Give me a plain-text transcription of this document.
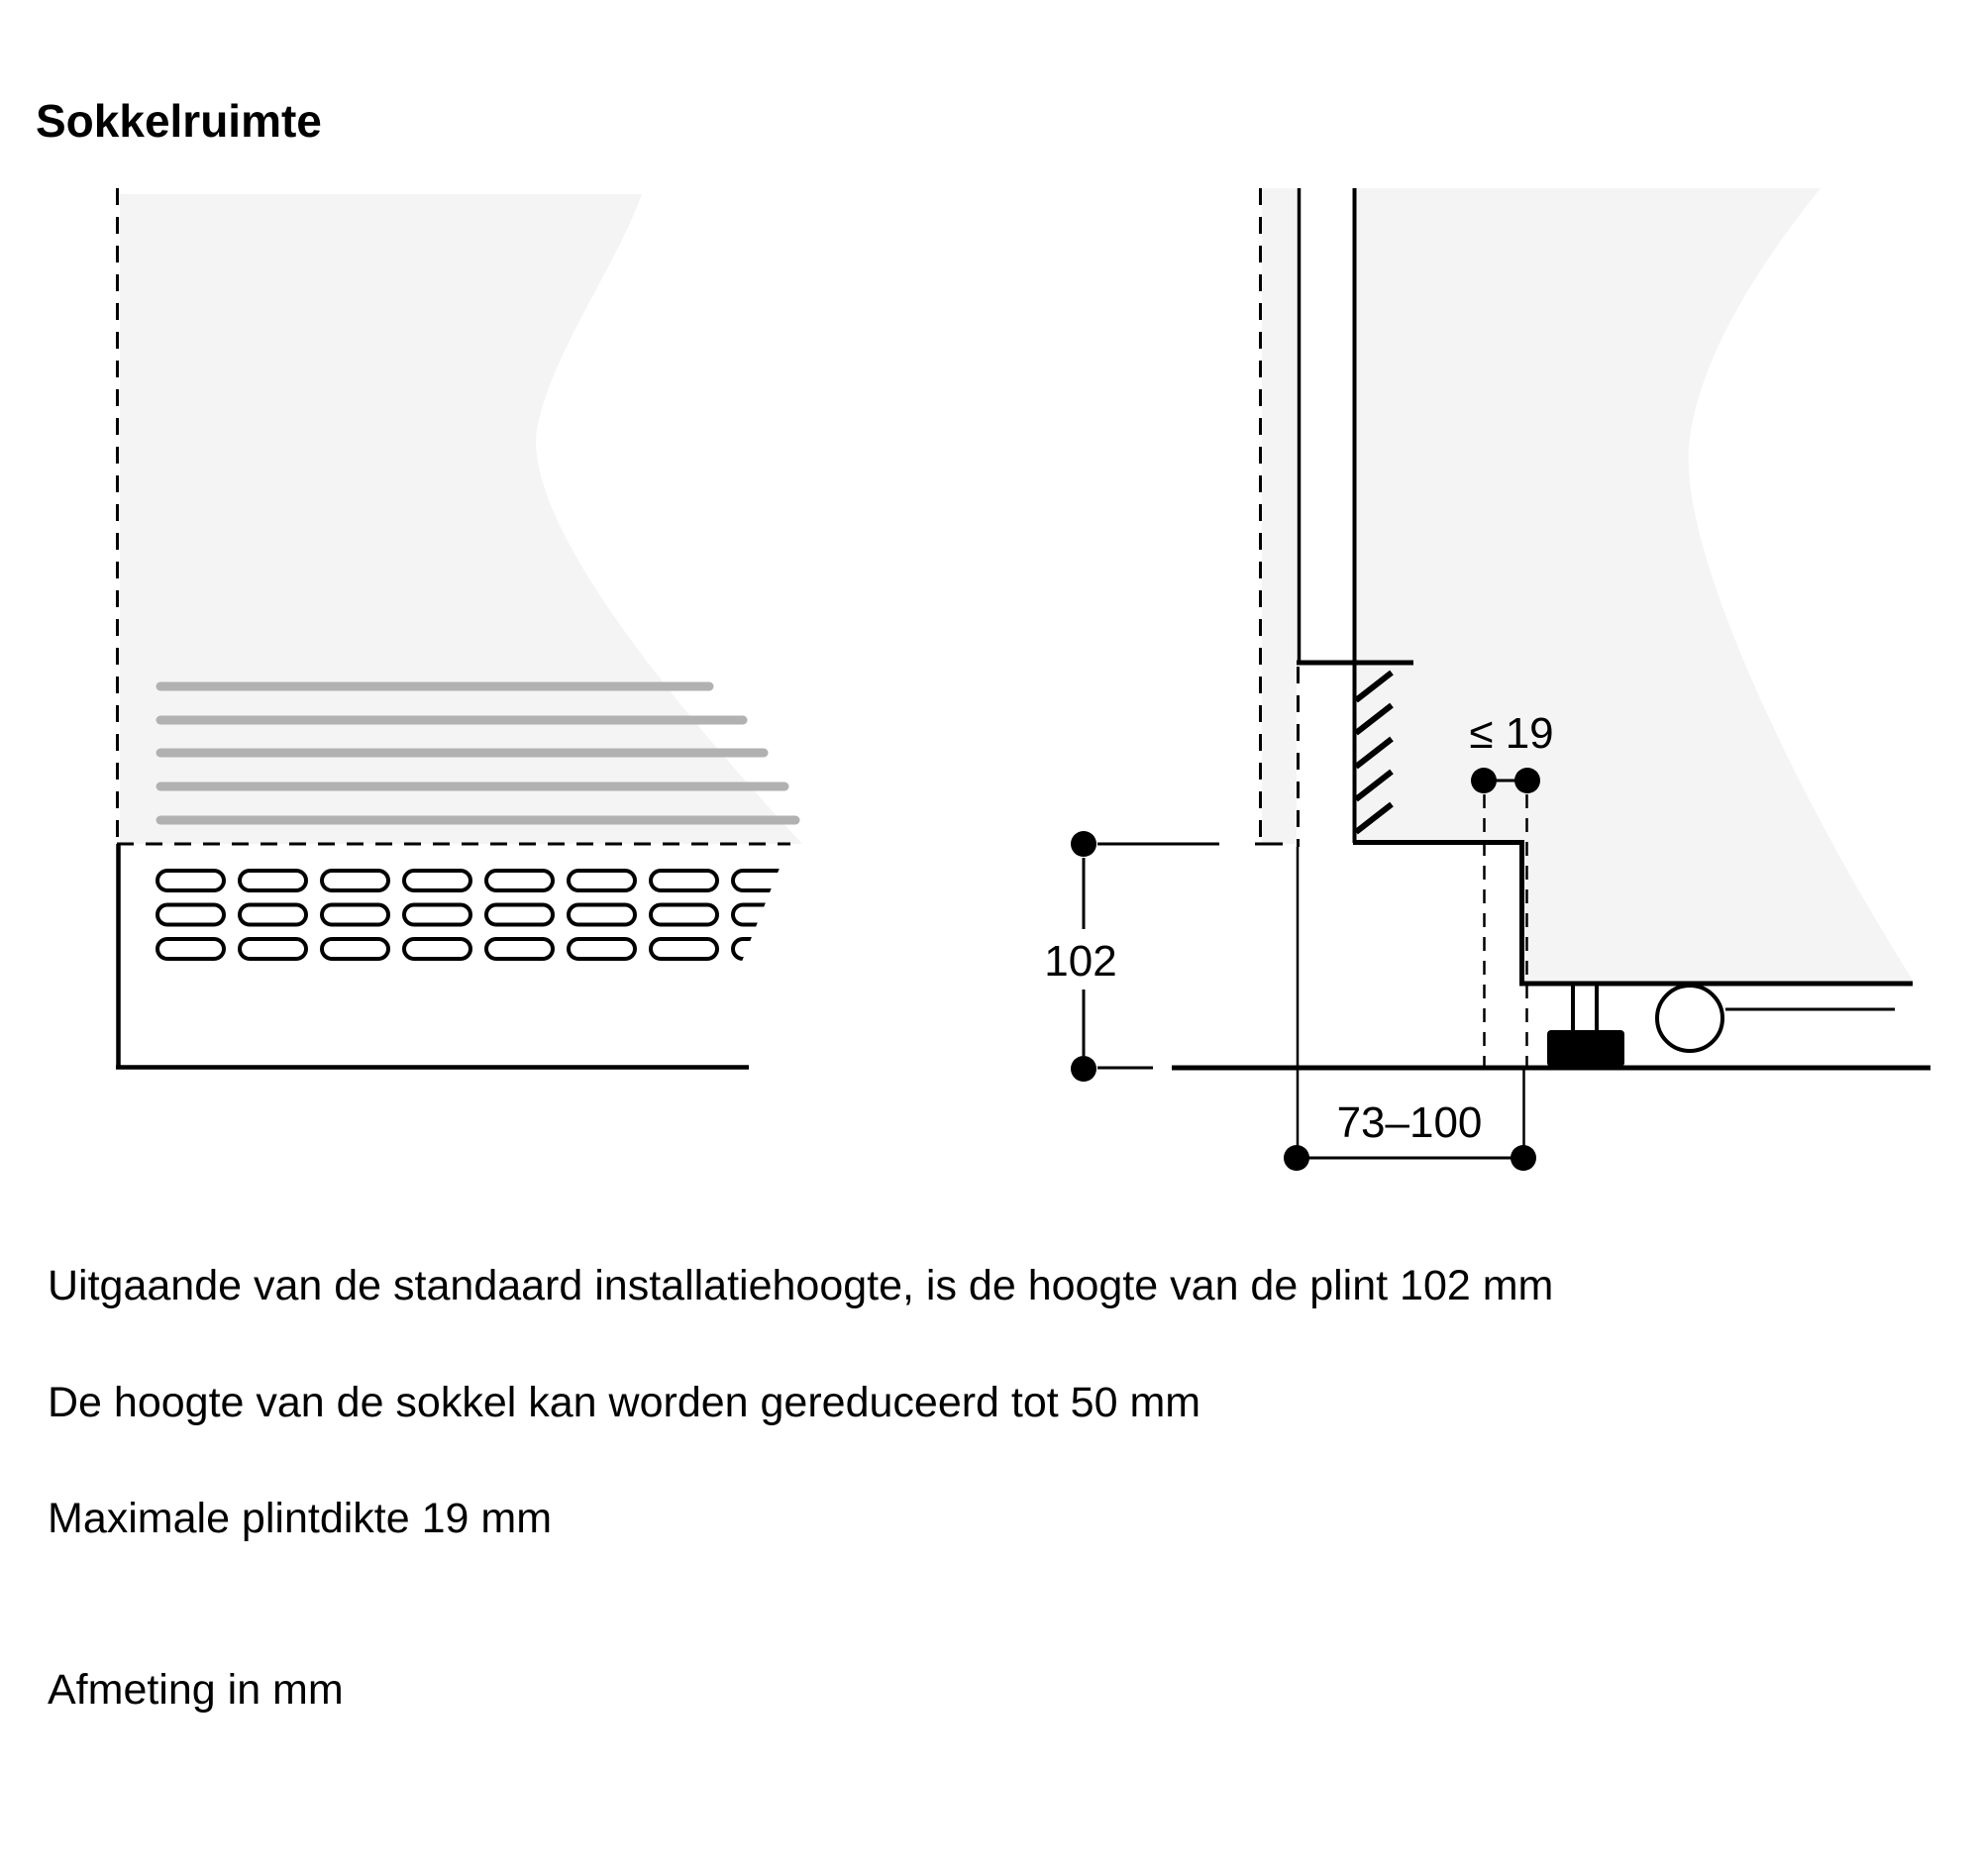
Sokkelruimte
≤ 19
102
73–100
Uitgaande van de standaard installatiehoogte, is de hoogte van de plint 102 mm
De hoogte van de sokkel kan worden gereduceerd tot 50 mm
Maximale plintdikte 19 mm
Afmeting in mm
